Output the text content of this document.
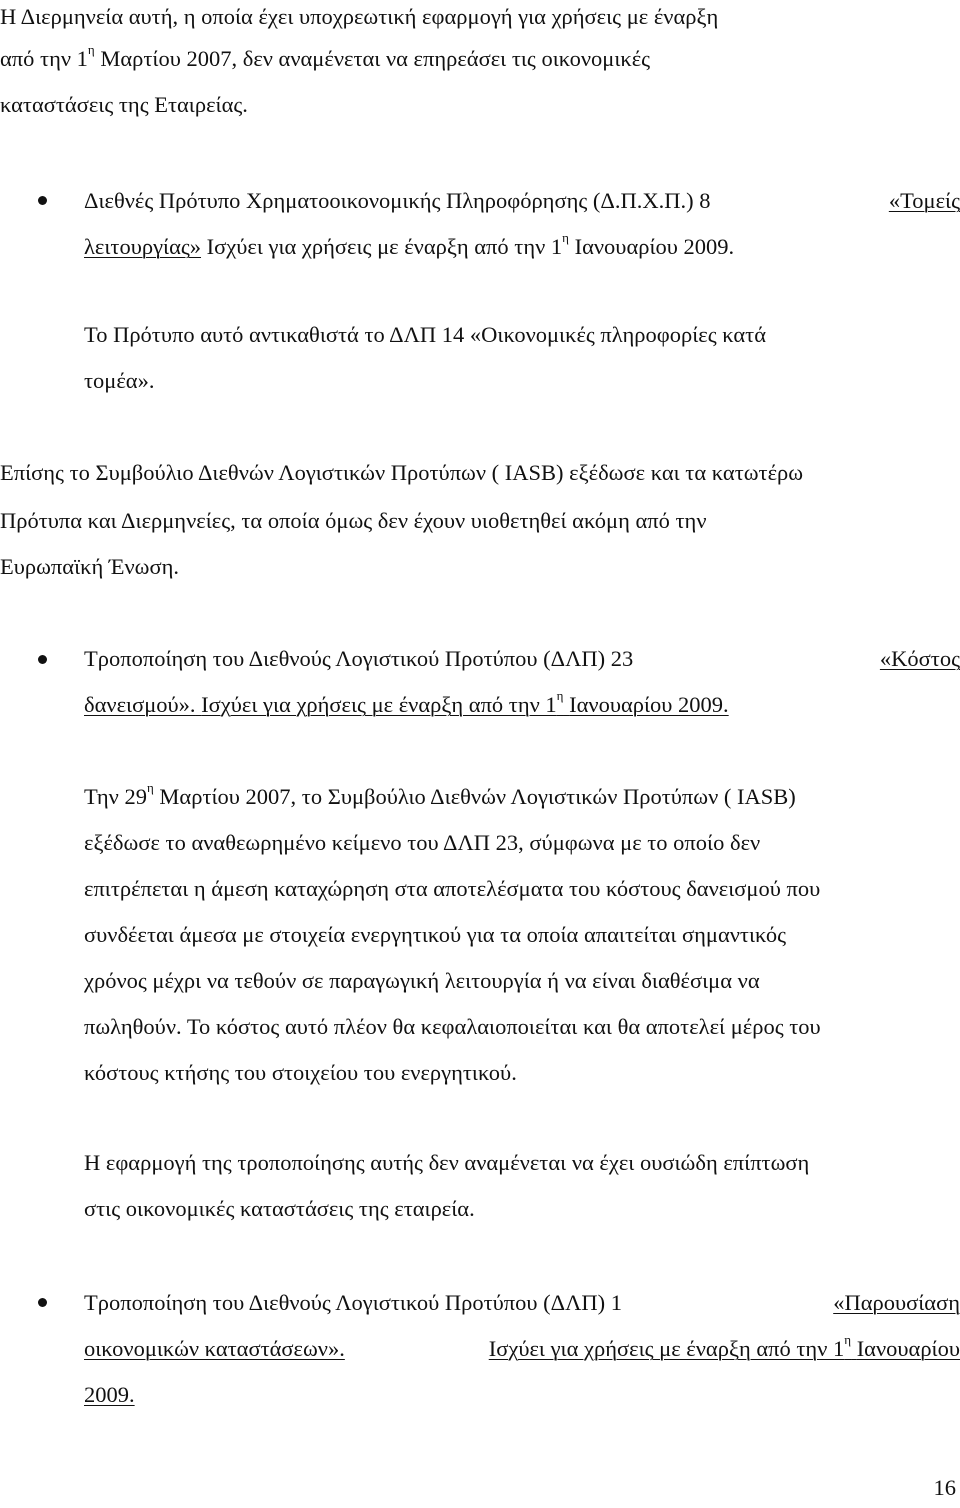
Η Διερμηνεία αυτή, η οποία έχει υποχρεωτική εφαρμογή για χρήσεις με έναρξη
από την $1^\eta$ Μαρτίου 2007, δεν αναμένεται να επηρεάσει τις οικονομικές
καταστάσεις της Εταιρείας.
Διεθνές Πρότυπο Χρηματοοικονομικής Πληροφόρησης (Δ.Π.Χ.Π.) 8	«Τομείς
λειτουργίας» Ισχύει για χρήσεις με έναρξη από την $1^\eta$ Ιανουαρίου 2009.
Το Πρότυπο αυτό αντικαθιστά το ΔΛΠ 14 «Οικονομικές πληροφορίες κατά
τομέα».
Επίσης το Συμβούλιο Διεθνών Λογιστικών Προτύπων ( IASB) εξέδωσε και τα κατωτέρω
Πρότυπα και Διερμηνείες, τα οποία όμως δεν έχουν υιοθετηθεί ακόμη από την
Ευρωπαϊκή Ένωση.
Τροποποίηση του Διεθνούς Λογιστικού Προτύπου (ΔΛΠ) 23	«Κόστος
δανεισμού». Ισχύει για χρήσεις με έναρξη από την $1^\eta$ Ιανουαρίου 2009.
Την $29^\eta$ Μαρτίου 2007, το Συμβούλιο Διεθνών Λογιστικών Προτύπων ( IASB)
εξέδωσε το αναθεωρημένο κείμενο του ΔΛΠ 23, σύμφωνα με το οποίο δεν
επιτρέπεται η άμεση καταχώρηση στα αποτελέσματα του κόστους δανεισμού που
συνδέεται άμεσα με στοιχεία ενεργητικού για τα οποία απαιτείται σημαντικός
χρόνος μέχρι να τεθούν σε παραγωγική λειτουργία ή να είναι διαθέσιμα να
πωληθούν. Το κόστος αυτό πλέον θα κεφαλαιοποιείται και θα αποτελεί μέρος του
κόστους κτήσης του στοιχείου του ενεργητικού.
Η εφαρμογή της τροποποίησης αυτής δεν αναμένεται να έχει ουσιώδη επίπτωση
στις οικονομικές καταστάσεις της εταιρεία.
Τροποποίηση του Διεθνούς Λογιστικού Προτύπου (ΔΛΠ) 1	«Παρουσίαση
οικονομικών καταστάσεων».	Ισχύει για χρήσεις με έναρξη από την $1^\eta$ Ιανουαρίου
2009.
16
